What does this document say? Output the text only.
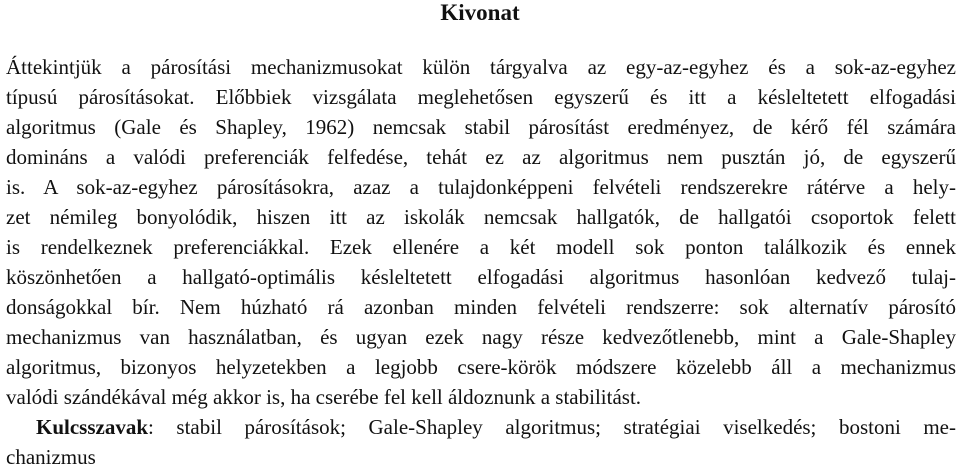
Kivonat
Áttekintjük a párosítási mechanizmusokat külön tárgyalva az egy-az-egyhez és a sok-az-egyhez
típusú párosításokat. Előbbiek vizsgálata meglehetősen egyszerű és itt a késleltetett elfogadási
algoritmus (Gale és Shapley, 1962) nemcsak stabil párosítást eredményez, de kérő fél számára
domináns a valódi preferenciák felfedése, tehát ez az algoritmus nem pusztán jó, de egyszerű
is. A sok-az-egyhez párosításokra, azaz a tulajdonképpeni felvételi rendszerekre rátérve a hely-
zet némileg bonyolódik, hiszen itt az iskolák nemcsak hallgatók, de hallgatói csoportok felett
is rendelkeznek preferenciákkal. Ezek ellenére a két modell sok ponton találkozik és ennek
köszönhetően a hallgató-optimális késleltetett elfogadási algoritmus hasonlóan kedvező tulaj-
donságokkal bír. Nem húzható rá azonban minden felvételi rendszerre: sok alternatív párosító
mechanizmus van használatban, és ugyan ezek nagy része kedvezőtlenebb, mint a Gale-Shapley
algoritmus, bizonyos helyzetekben a legjobb csere-körök módszere közelebb áll a mechanizmus
valódi szándékával még akkor is, ha cserébe fel kell áldoznunk a stabilitást.
Kulcsszavak: stabil párosítások; Gale-Shapley algoritmus; stratégiai viselkedés; bostoni me-
chanizmus
